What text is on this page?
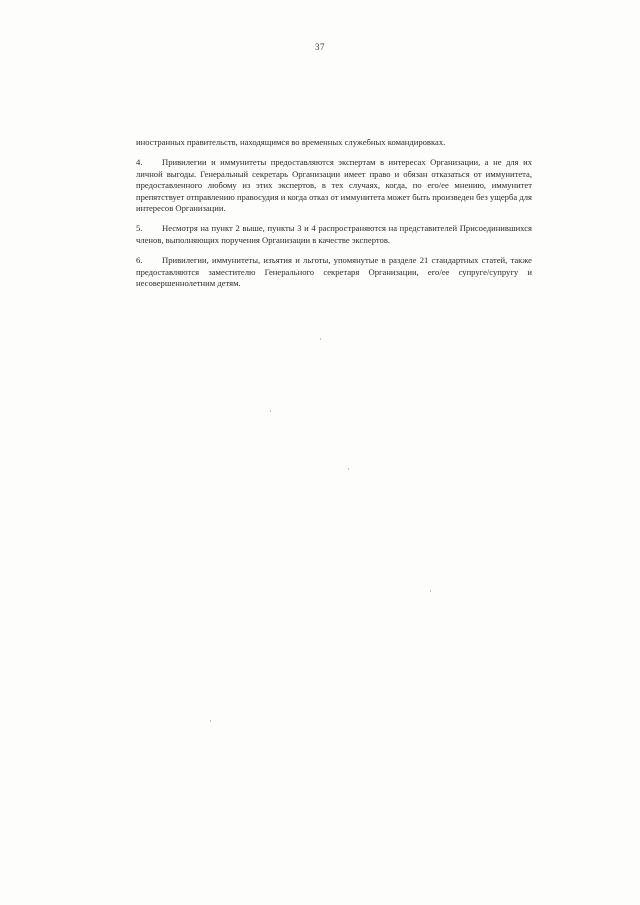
37

иностранных правительств, находящимся во временных служебных командировках.

4. Привилегии и иммунитеты предоставляются экспертам в интересах Организации, а не для их личной выгоды. Генеральный секретарь Организации имеет право и обязан отказаться от иммунитета, предоставленного любому из этих экспертов, в тех случаях, когда, по его/ее мнению, иммунитет препятствует отправлению правосудия и когда отказ от иммунитета может быть произведен без ущерба для интересов Организации.

5. Несмотря на пункт 2 выше, пункты 3 и 4 распространяются на представителей Присоединившихся членов, выполняющих поручения Организации в качестве экспертов.

6. Привилегии, иммунитеты, изъятия и льготы, упомянутые в разделе 21 стандартных статей, также предоставляются заместителю Генерального секретаря Организации, его/ее супруге/супругу и несовершеннолетним детям.
